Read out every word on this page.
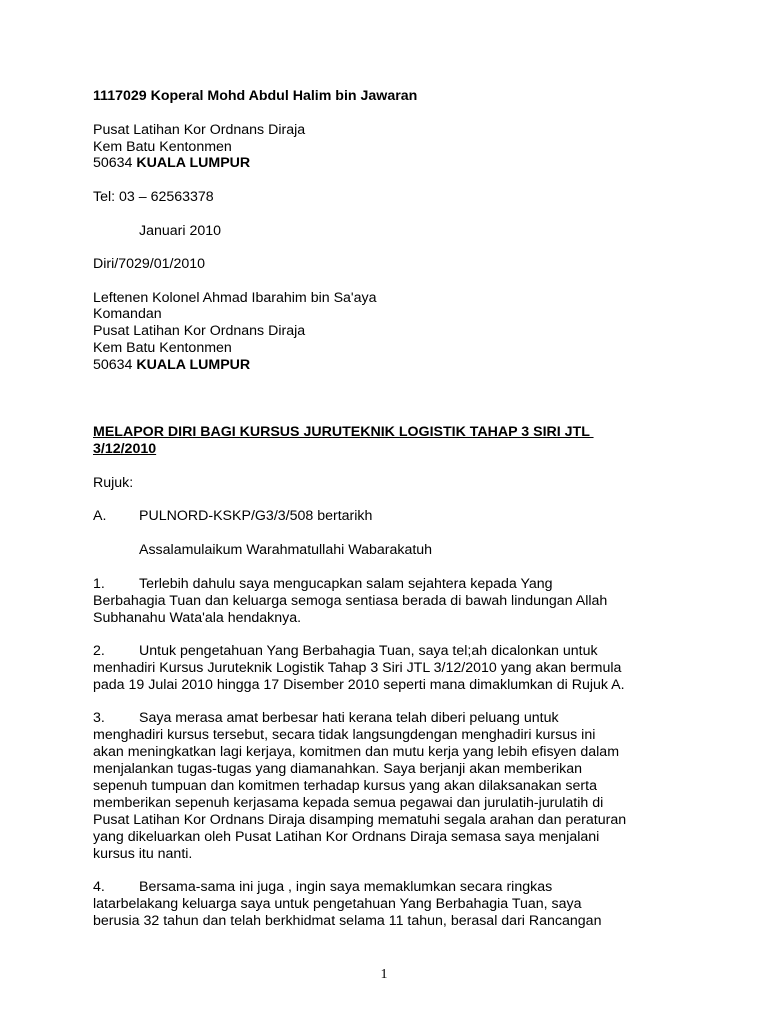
1117029 Koperal Mohd Abdul Halim bin Jawaran

Pusat Latihan Kor Ordnans Diraja

Kem Batu Kentonmen

50634 KUALA LUMPUR

Tel: 03 – 62563378

Januari 2010

Diri/7029/01/2010

Leftenen Kolonel Ahmad Ibarahim bin Sa'aya

Komandan

Pusat Latihan Kor Ordnans Diraja

Kem Batu Kentonmen

50634 KUALA LUMPUR

MELAPOR DIRI BAGI KURSUS JURUTEKNIK LOGISTIK TAHAP 3 SIRI JTL

3/12/2010

Rujuk:

A. PULNORD-KSKP/G3/3/508 bertarikh

Assalamulaikum Warahmatullahi Wabarakatuh

1. Terlebih dahulu saya mengucapkan salam sejahtera kepada Yang

Berbahagia Tuan dan keluarga semoga sentiasa berada di bawah lindungan Allah

Subhanahu Wata'ala hendaknya.

2. Untuk pengetahuan Yang Berbahagia Tuan, saya tel;ah dicalonkan untuk

menhadiri Kursus Juruteknik Logistik Tahap 3 Siri JTL 3/12/2010 yang akan bermula

pada 19 Julai 2010 hingga 17 Disember 2010 seperti mana dimaklumkan di Rujuk A.

3. Saya merasa amat berbesar hati kerana telah diberi peluang untuk

menghadiri kursus tersebut, secara tidak langsungdengan menghadiri kursus ini

akan meningkatkan lagi kerjaya, komitmen dan mutu kerja yang lebih efisyen dalam

menjalankan tugas-tugas yang diamanahkan. Saya berjanji akan memberikan

sepenuh tumpuan dan komitmen terhadap kursus yang akan dilaksanakan serta

memberikan sepenuh kerjasama kepada semua pegawai dan jurulatih-jurulatih di

Pusat Latihan Kor Ordnans Diraja disamping mematuhi segala arahan dan peraturan

yang dikeluarkan oleh Pusat Latihan Kor Ordnans Diraja semasa saya menjalani

kursus itu nanti.

4. Bersama-sama ini juga , ingin saya memaklumkan secara ringkas

latarbelakang keluarga saya untuk pengetahuan Yang Berbahagia Tuan, saya

berusia 32 tahun dan telah berkhidmat selama 11 tahun, berasal dari Rancangan

1
